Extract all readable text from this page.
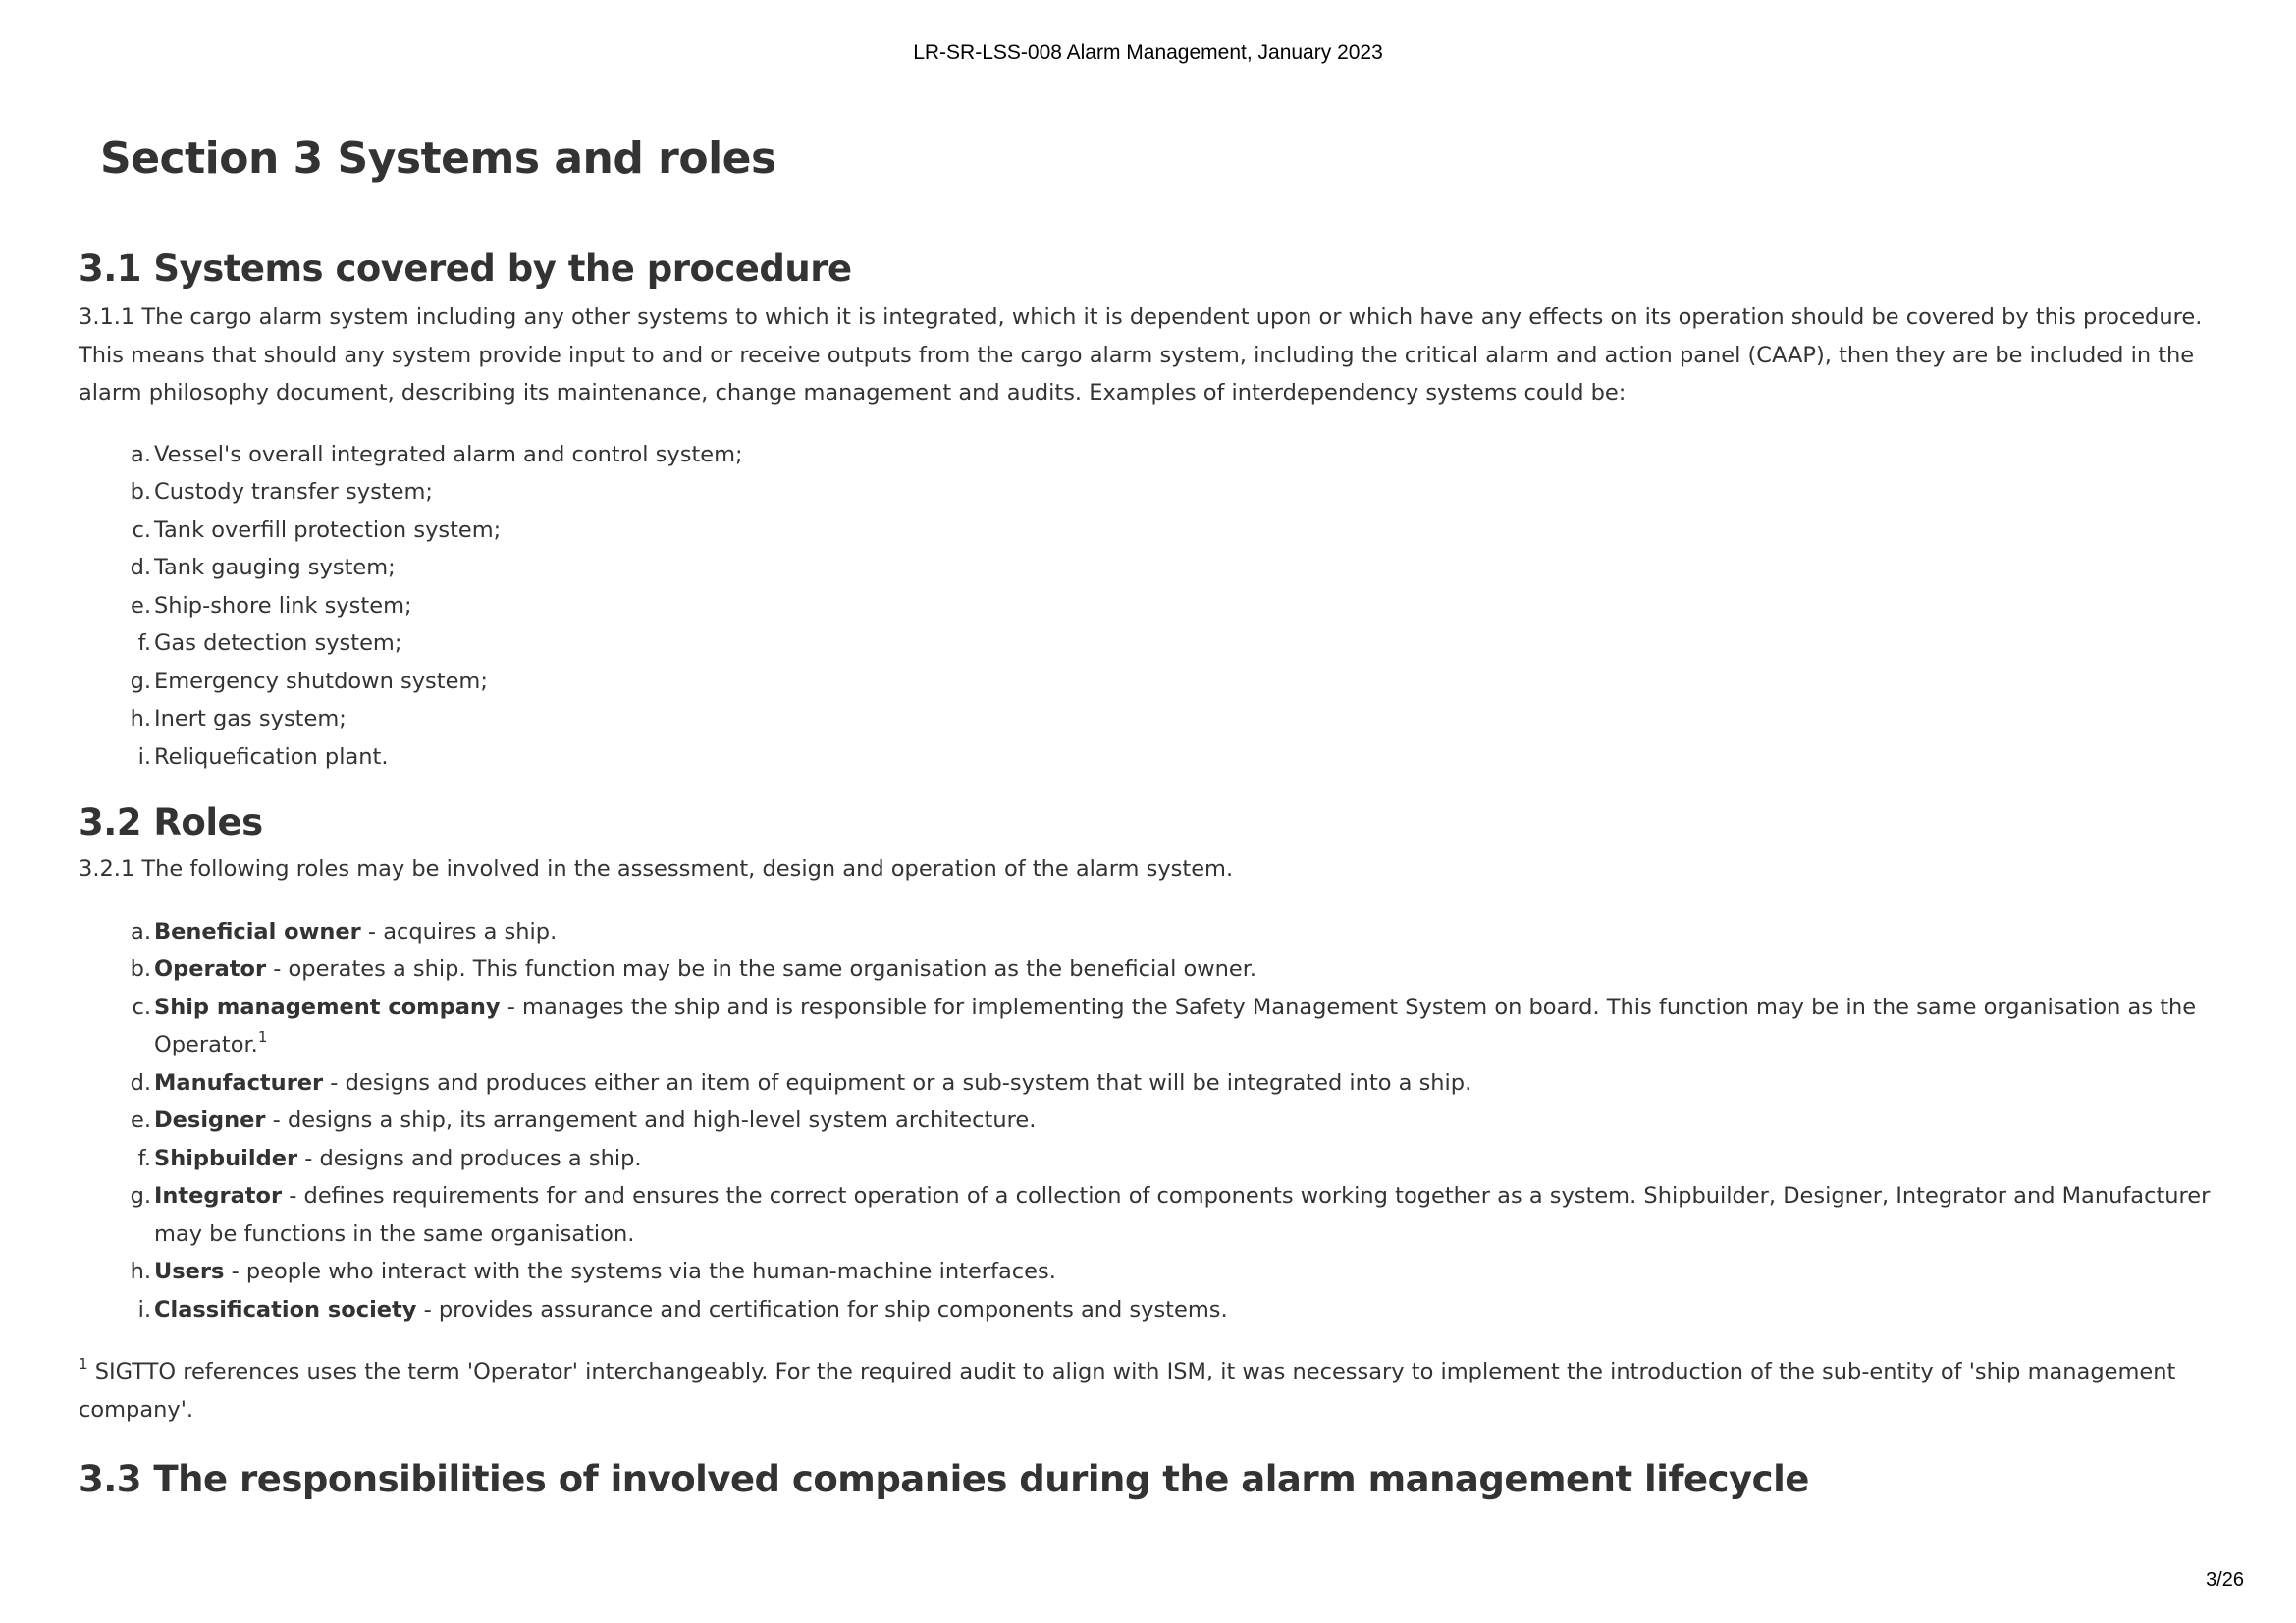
LR-SR-LSS-008 Alarm Management, January 2023
Section 3 Systems and roles
3.1 Systems covered by the procedure

3.1.1 The cargo alarm system including any other systems to which it is integrated, which it is dependent upon or which have any effects on its operation should be covered by this procedure. This means that should any system provide input to and or receive outputs from the cargo alarm system, including the critical alarm and action panel (CAAP), then they are be included in the alarm philosophy document, describing its maintenance, change management and audits. Examples of interdependency systems could be:

a. Vessel's overall integrated alarm and control system;
b. Custody transfer system;
c. Tank overfill protection system;
d. Tank gauging system;
e. Ship-shore link system;
f. Gas detection system;
g. Emergency shutdown system;
h. Inert gas system;
i. Reliquefication plant.
3.2 Roles

3.2.1 The following roles may be involved in the assessment, design and operation of the alarm system.

a. Beneficial owner - acquires a ship.
b. Operator - operates a ship. This function may be in the same organisation as the beneficial owner.
c. Ship management company - manages the ship and is responsible for implementing the Safety Management System on board. This function may be in the same organisation as the Operator.$^1$
d. Manufacturer - designs and produces either an item of equipment or a sub-system that will be integrated into a ship.
e. Designer - designs a ship, its arrangement and high-level system architecture.
f. Shipbuilder - designs and produces a ship.
g. Integrator - defines requirements for and ensures the correct operation of a collection of components working together as a system. Shipbuilder, Designer, Integrator and Manufacturer may be functions in the same organisation.
h. Users - people who interact with the systems via the human-machine interfaces.
i. Classification society - provides assurance and certification for ship components and systems.

$^1$ SIGTTO references uses the term 'Operator' interchangeably. For the required audit to align with ISM, it was necessary to implement the introduction of the sub-entity of 'ship management company'.

3.3 The responsibilities of involved companies during the alarm management lifecycle
3/26
